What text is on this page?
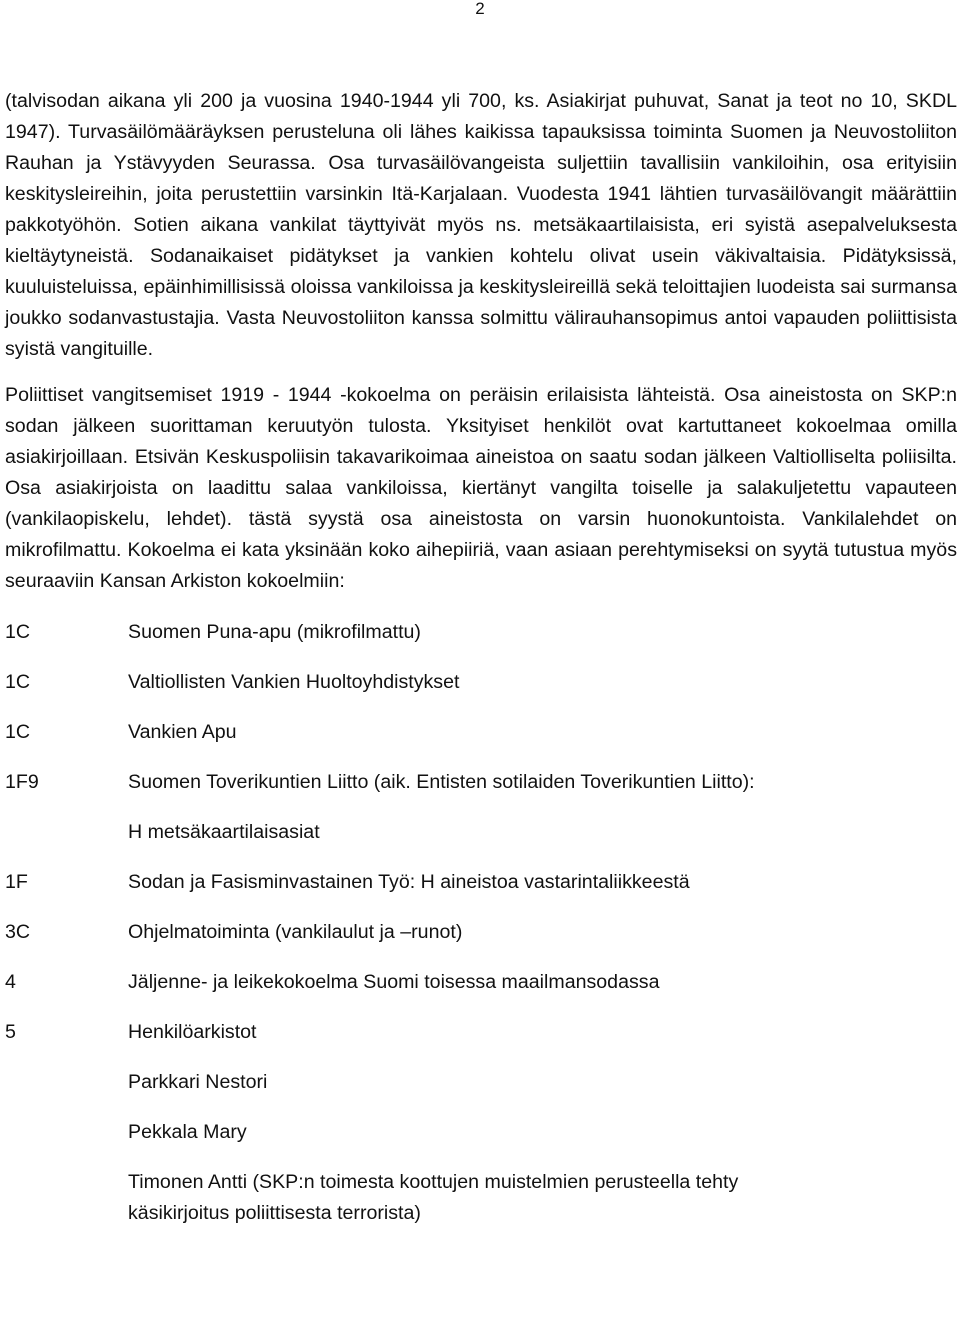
2

(talvisodan aikana yli 200 ja vuosina 1940-1944 yli 700, ks. Asiakirjat puhuvat, Sanat ja teot no 10, SKDL 1947). Turvasäilömääräyksen perusteluna oli lähes kaikissa tapauksissa toiminta Suomen ja Neuvostoliiton Rauhan ja Ystävyyden Seurassa. Osa turvasäilövangeista suljettiin tavallisiin vankiloihin, osa erityisiin keskitysleireihin, joita perustettiin varsinkin Itä-Karjalaan. Vuodesta 1941 lähtien turvasäilövangit määrättiin pakkotyöhön. Sotien aikana vankilat täyttyivät myös ns. metsäkaartilaisista, eri syistä asepalveluksesta kieltäytyneistä. Sodanaikaiset pidätykset ja vankien kohtelu olivat usein väkivaltaisia. Pidätyksissä, kuuluisteluissa, epäinhimillisissä oloissa vankiloissa ja keskitysleireillä sekä teloittajien luodeista sai surmansa joukko sodanvastustajia. Vasta Neuvostoliiton kanssa solmittu välirauhansopimus antoi vapauden poliittisista syistä vangituille.

Poliittiset vangitsemiset 1919 - 1944 -kokoelma on peräisin erilaisista lähteistä. Osa aineistosta on SKP:n sodan jälkeen suorittaman keruutyön tulosta. Yksityiset henkilöt ovat kartuttaneet kokoelmaa omilla asiakirjoillaan. Etsivän Keskuspoliisin takavarikoimaa aineistoa on saatu sodan jälkeen Valtiolliselta poliisilta. Osa asiakirjoista on laadittu salaa vankiloissa, kiertänyt vangilta toiselle ja salakuljetettu vapauteen (vankilaopiskelu, lehdet). tästä syystä osa aineistosta on varsin huonokuntoista. Vankilalehdet on mikrofilmattu. Kokoelma ei kata yksinään koko aihepiiriä, vaan asiaan perehtymiseksi on syytä tutustua myös seuraaviin Kansan Arkiston kokoelmiin:

1C	Suomen Puna-apu (mikrofilmattu)
1C	Valtiollisten Vankien Huoltoyhdistykset
1C	Vankien Apu
1F9	Suomen Toverikuntien Liitto (aik. Entisten sotilaiden Toverikuntien Liitto):
H metsäkaartilaisasiat
1F	Sodan ja Fasisminvastainen Työ: H aineistoa vastarintaliikkeestä
3C	Ohjelmatoiminta (vankilaulut ja –runot)
4	Jäljenne- ja leikekokoelma Suomi toisessa maailmansodassa
5	Henkilöarkistot
Parkkari Nestori
Pekkala Mary
Timonen Antti (SKP:n toimesta koottujen muistelmien perusteella tehty
käsikirjoitus poliittisesta terrorista)
